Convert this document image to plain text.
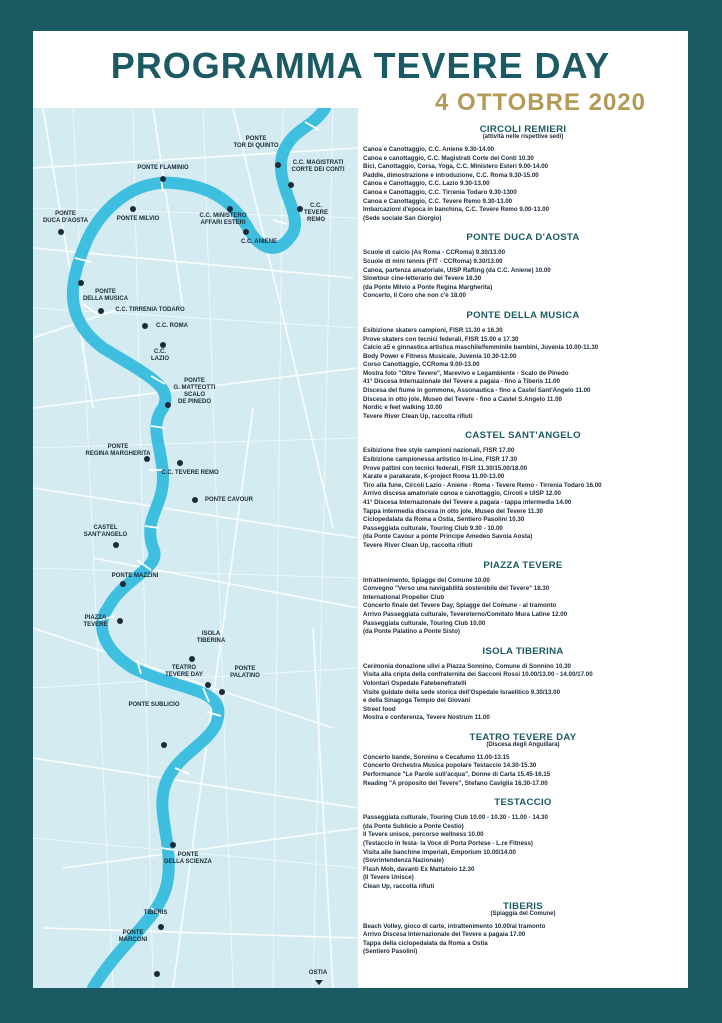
PROGRAMMA TEVERE DAY
4 OTTOBRE 2020
PONTE
TOR DI QUINTO
C.C. MAGISTRATI
CORTE DEI CONTI
PONTE FLAMINIO
PONTE
DUCA D'AOSTA	PONTE MILVIO	C.C. MINISTERO
AFFARI ESTERI
C.C.
TEVERE
REMO
C.C. ANIENE
PONTE
DELLA MUSICA
C.C. TIRRENIA TODARO
C.C. ROMA
C.C.
LAZIO
PONTE
G. MATTEOTTI
SCALO
DE PINEDO
PONTE
REGINA MARGHERITA
C.C. TEVERE REMO
PONTE CAVOUR
CASTEL
SANT'ANGELO
PONTE MAZZINI
PIAZZA
TEVERE
ISOLA
TIBERINA
TEATRO
TEVERE DAY
PONTE
PALATINO
PONTE SUBLICIO
PONTE
DELLA SCIENZA
TIBERIS
PONTE
MARCONI
OSTIA
CIRCOLI REMIERI
(attività nelle rispettive sedi)
Canoa e Canottaggio, C.C. Aniene 9.30-14.00
Canoa e canottaggio, C.C. Magistrati Corte dei Conti 10.30
Bici, Canottaggio, Corsa, Yoga, C.C. Ministero Esteri 9.00-14.00
Paddle, dimostrazione e introduzione, C.C. Roma 9.30-15.00
Canoa e Canottaggio, C.C. Lazio 9.30-13.00
Canoa e Canottaggio, C.C. Tirrenia Todaro 9.30-1300
Canoa e Canottaggio, C.C. Tevere Remo 9.30-13.00
Imbarcazioni d'epoca in banchina, C.C. Tevere Remo 9.00-13.00
(Sede sociale San Giorgio)
PONTE DUCA D'AOSTA
Scuole di calcio (As Roma - CCRoma) 9.30/13.00
Scuole di mini tennis (FIT - CCRoma) 9.30/13.00
Canoa, partenza amatoriale, UISP Rafting (da C.C. Aniene) 10.00
Slowtour cine-letterario del Tevere 16.30
(da Ponte Milvio a Ponte Regina Margherita)
Concerto, Il Coro che non c'è 18.00
PONTE DELLA MUSICA
Esibizione skaters campioni, FISR 11.30 e 16.30
Prove skaters con tecnici federali, FISR 15.00 e 17.30
Calcio a5 e ginnastica artistica maschile/femminile bambini, Juvenia 10.00-11.30
Body Power e Fitness Musicale, Juvenia 10.30-12.00
Corso Canottaggio, CCRoma 9.00-13.00
Mostra foto "Oltre Tevere", Marevivo e Legambiente - Scalo de Pinedo
41° Discesa Internazionale del Tevere a pagaia - fino a Tiberis 11.00
Discesa del fiume in gommone, Assonautica - fino a Castel Sant'Angelo 11.00
Discesa in otto jole, Museo del Tevere - fino a Castel S.Angelo 11.00
Nordic e feet walking 10.00
Tevere River Clean Up, raccolta rifiuti
CASTEL SANT'ANGELO
Esibizione free style campioni nazionali, FISR 17.00
Esibizione campionessa artistico In-Line, FISR 17.30
Prove pattini con tecnici federali, FISR 11.30/15.00/18.00
Karate e parakarate, K-project Roma 11.00-13.00
Tiro alla fune, Circoli Lazio - Aniene - Roma - Tevere Remo - Tirrenia Todaro 16.00
Arrivo discesa amatoriale canoa e canottaggio, Circoli e UISP 12.00
41° Discesa Internazionale del Tevere a pagaia - tappa intermedia 14.00
Tappa intermedia discesa in otto jole, Museo del Tevere 11.30
Ciclopedalata da Roma a Ostia, Sentiero Pasolini 10.30
Passeggiata culturale, Touring Club 9.30 - 10.00
(da Ponte Cavour a ponte Principe Amedeo Savoia Aosta)
Tevere River Clean Up, raccolta rifiuti
PIAZZA TEVERE
Intrattenimento, Spiagge del Comune 10.00
Convegno "Verso una navigabilità sostenibile del Tevere" 18.30
International Propeller Club
Concerto finale del Tevere Day, Spiagge del Comune - al tramonto
Arrivo Passeggiata culturale, Tevereterno/Comitato Mura Latine 12.00
Passeggiata culturale, Touring Club 10.00
(da Ponte Palatino a Ponte Sisto)
ISOLA TIBERINA
Cerimonia donazione ulivi a Piazza Sonnino, Comune di Sonnino 10.30
Visita alla cripta della confraternita dei Sacconi Rossi 10.00/13.00 - 14.00/17.00
Volontari Ospedale Fatebenefratelli
Visite guidate della sede storica dell'Ospedale Israelitico 9.30/13.00
e della Sinagoga Tempio dei Giovani
Street food
Mostra e conferenza, Tevere Nostrum 11.00
TEATRO TEVERE DAY
(Discesa degli Anguillara)
Concerto bande, Sonnino e Cecafumo 11.00-13.15
Concerto Orchestra Musica popolare Testaccio 14.30-15.30
Performance "Le Parole sull'acqua", Donne di Carta 15.45-16.15
Reading "A proposito del Tevere", Stefano Caviglia 16.30-17.00
TESTACCIO
Passeggiata culturale, Touring Club 10.00 - 10.30 - 11.00 - 14.30
(da Ponte Sublicio a Ponte Cestio)
Il Tevere unisce, percorso wellness 10.00
(Testaccio in festa- la Voce di Porta Portese - L.re Fitness)
Visita alle banchine imperiali, Emporium 10.00/14.00
(Sovrintendenza Nazionale)
Flash Mob, davanti Ex Mattatoio 12.30
(Il Tevere Unisce)
Clean Up, raccolta rifiuti
TIBERIS
(Spiaggia del Comune)
Beach Volley, gioco di carte, intrattenimento 10.00/al tramonto
Arrivo Discesa Internazionale del Tevere a pagaia 17.00
Tappa della ciclopedalata da Roma a Ostia
(Sentiero Pasolini)
